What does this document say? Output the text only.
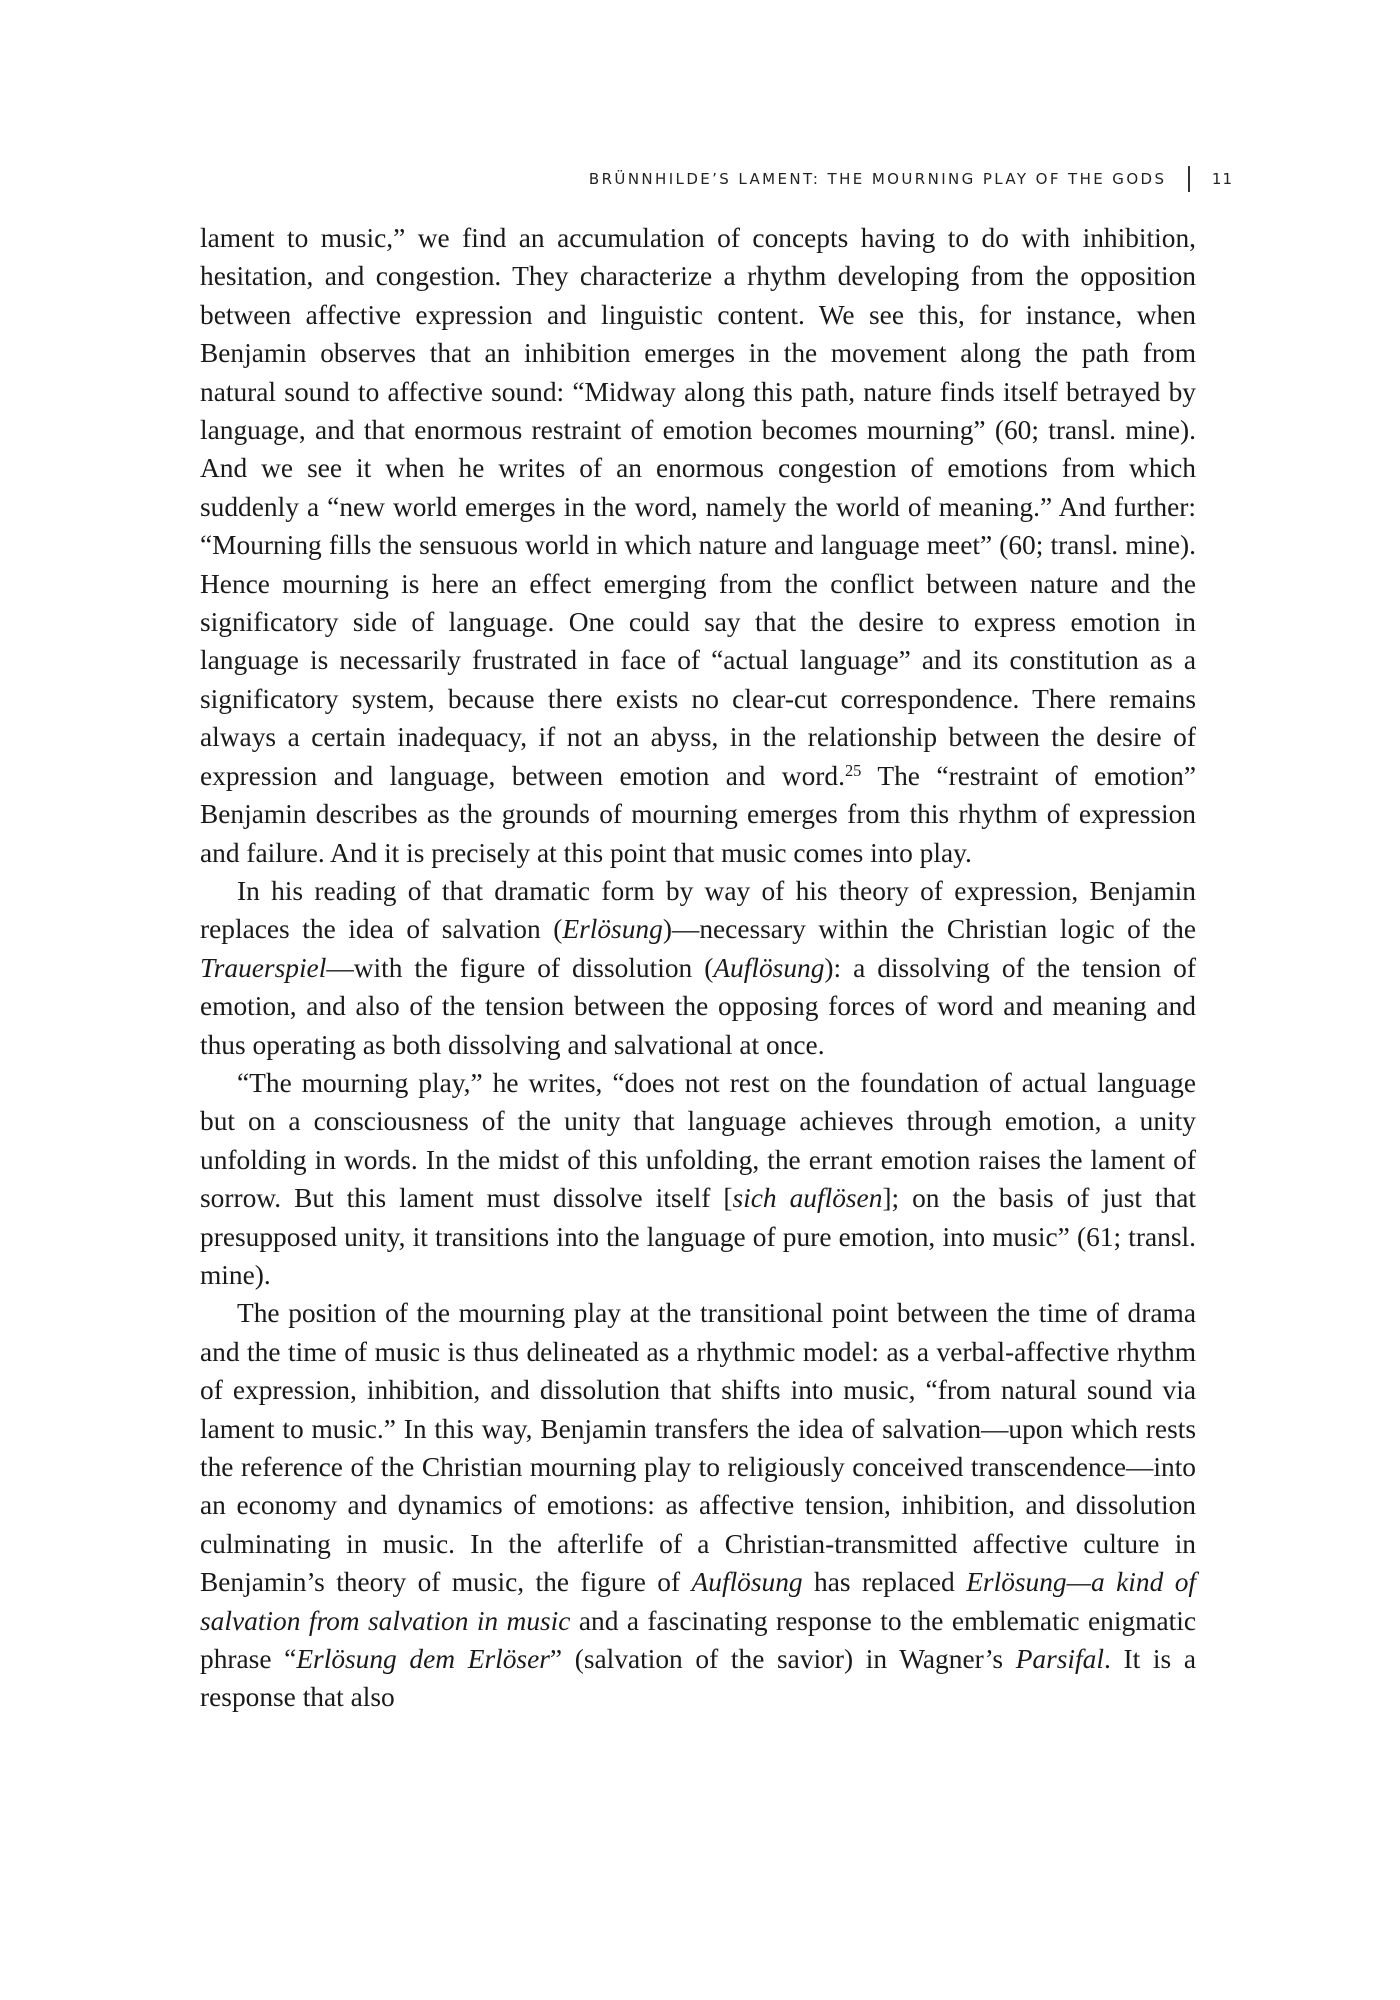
BRÜNNHILDE’S LAMENT: THE MOURNING PLAY OF THE GODS	11

lament to music,” we find an accumulation of concepts having to do with inhibition, hesitation, and congestion. They characterize a rhythm developing from the opposition between affective expression and linguistic content. We see this, for instance, when Benjamin observes that an inhibition emerges in the movement along the path from natural sound to affective sound: “Midway along this path, nature finds itself betrayed by language, and that enormous restraint of emotion becomes mourning” (60; transl. mine). And we see it when he writes of an enormous congestion of emotions from which suddenly a “new world emerges in the word, namely the world of meaning.” And further: “Mourning fills the sensuous world in which nature and language meet” (60; transl. mine). Hence mourning is here an effect emerging from the conflict between nature and the significatory side of language. One could say that the desire to express emotion in language is necessarily frustrated in face of “actual language” and its constitution as a significatory system, because there exists no clear-cut correspondence. There remains always a certain inadequacy, if not an abyss, in the relationship between the desire of expression and language, between emotion and word.$^{25}$ The “restraint of emotion” Benjamin describes as the grounds of mourning emerges from this rhythm of expression and failure. And it is precisely at this point that music comes into play.

In his reading of that dramatic form by way of his theory of expression, Benjamin replaces the idea of salvation (Erlösung)—necessary within the Christian logic of the Trauerspiel—with the figure of dissolution (Auflösung): a dissolving of the tension of emotion, and also of the tension between the opposing forces of word and meaning and thus operating as both dissolving and salvational at once.

“The mourning play,” he writes, “does not rest on the foundation of actual language but on a consciousness of the unity that language achieves through emotion, a unity unfolding in words. In the midst of this unfolding, the errant emotion raises the lament of sorrow. But this lament must dissolve itself [sich auflösen]; on the basis of just that presupposed unity, it transitions into the language of pure emotion, into music” (61; transl. mine).

The position of the mourning play at the transitional point between the time of drama and the time of music is thus delineated as a rhythmic model: as a verbal-affective rhythm of expression, inhibition, and dissolution that shifts into music, “from natural sound via lament to music.” In this way, Benjamin transfers the idea of salvation—upon which rests the reference of the Christian mourning play to religiously conceived transcendence—into an economy and dynamics of emotions: as affective tension, inhibition, and dissolution culminating in music. In the afterlife of a Christian-transmitted affective culture in Benjamin’s theory of music, the figure of Auflösung has replaced Erlösung—a kind of salvation from salvation in music and a fascinating response to the emblematic enigmatic phrase “Erlösung dem Erlöser” (salvation of the savior) in Wagner’s Parsifal. It is a response that also
